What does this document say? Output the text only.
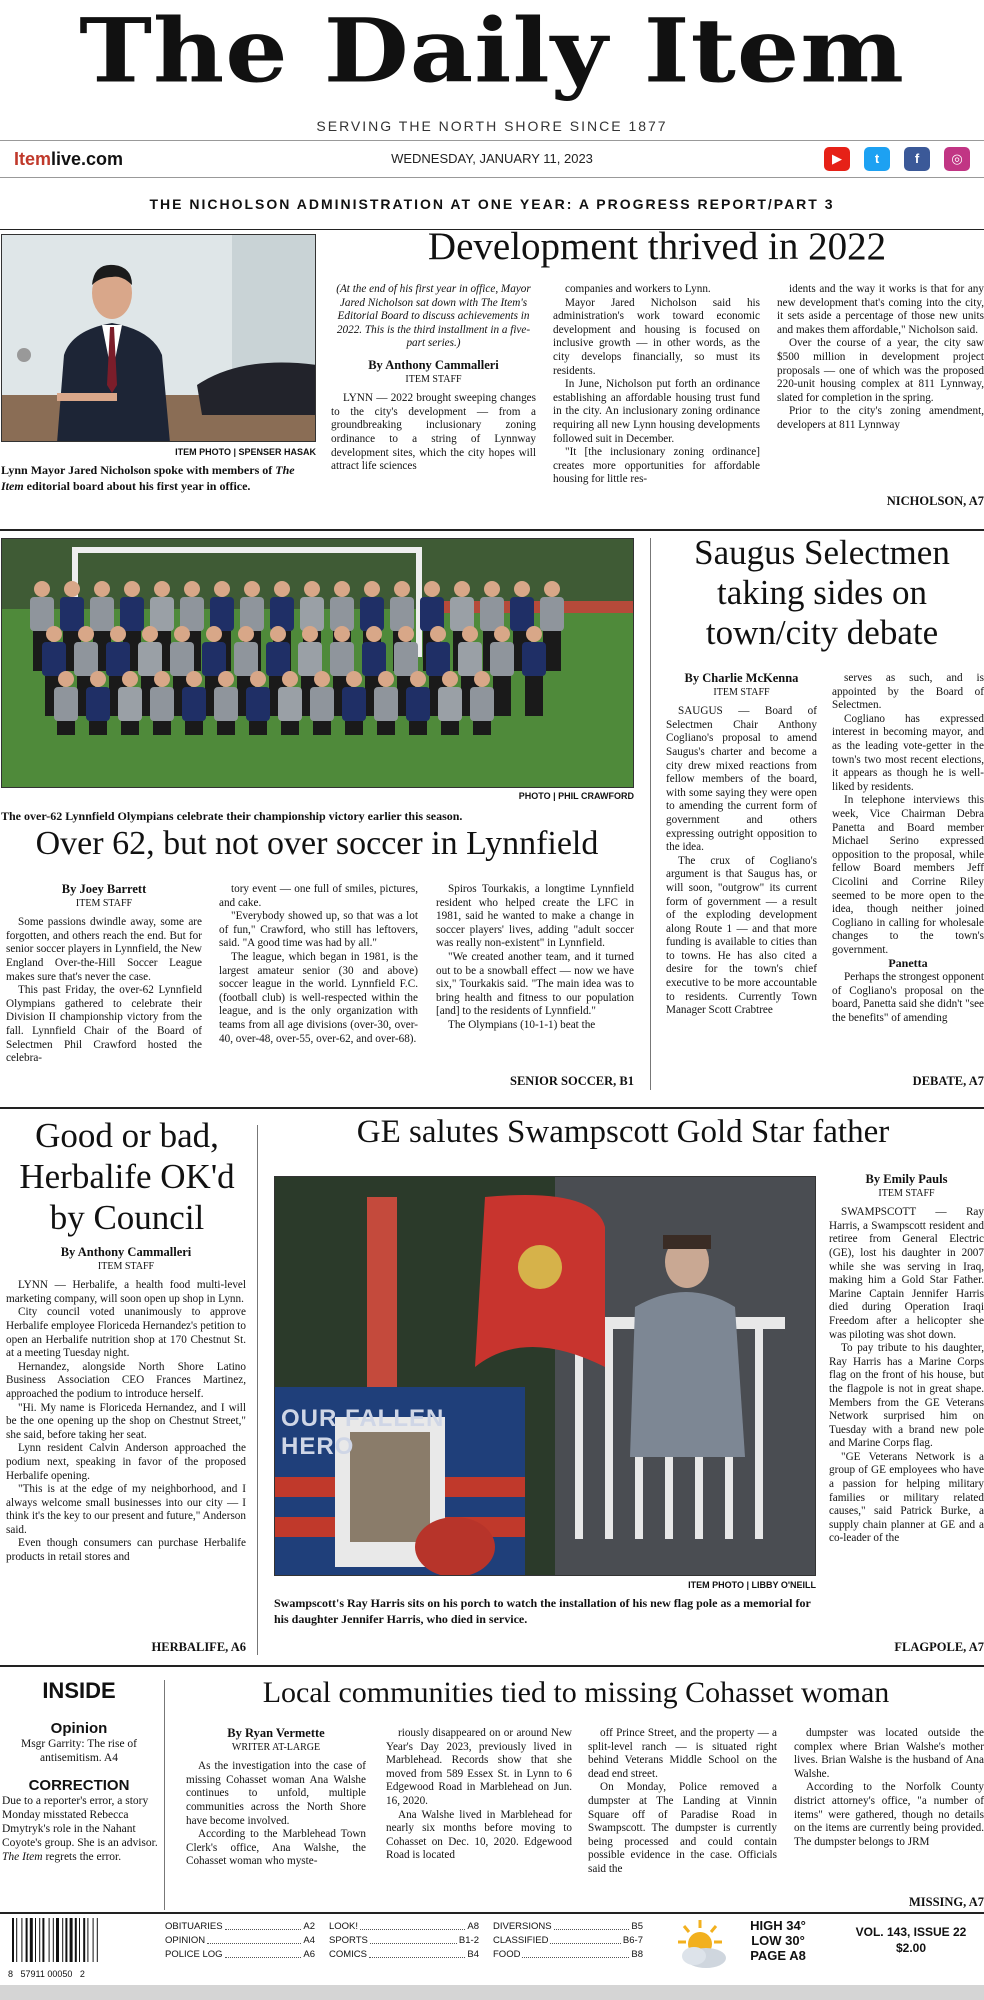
The Daily Item
SERVING THE NORTH SHORE SINCE 1877
Itemlive.com	WEDNESDAY, JANUARY 11, 2023	▶	t	f	◎
THE NICHOLSON ADMINISTRATION AT ONE YEAR: A PROGRESS REPORT/PART 3
ITEM PHOTO | SPENSER HASAK
Lynn Mayor Jared Nicholson spoke with members of The Item editorial board about his first year in office.
Development thrived in 2022

(At the end of his first year in office, Mayor Jared Nicholson sat down with The Item's Editorial Board to discuss achievements in 2022. This is the third installment in a five-part series.)

By Anthony Cammalleri

ITEM STAFF

LYNN — 2022 brought sweeping changes to the city's development — from a groundbreaking inclusionary zoning ordinance to a string of Lynnway development sites, which the city hopes will attract life sciences

companies and workers to Lynn.

Mayor Jared Nicholson said his administration's work toward economic development and housing is focused on inclusive growth — in other words, as the city develops financially, so must its residents.

In June, Nicholson put forth an ordinance establishing an affordable housing trust fund in the city. An inclusionary zoning ordinance requiring all new Lynn housing developments followed suit in December.

"It [the inclusionary zoning ordinance] creates more opportunities for affordable housing for little res-

idents and the way it works is that for any new development that's coming into the city, it sets aside a percentage of those new units and makes them affordable," Nicholson said.

Over the course of a year, the city saw $500 million in development project proposals — one of which was the proposed 220-unit housing complex at 811 Lynnway, slated for completion in the spring.

Prior to the city's zoning amendment, developers at 811 Lynnway

NICHOLSON, A7
PHOTO | PHIL CRAWFORD
The over-62 Lynnfield Olympians celebrate their championship victory earlier this season.
Over 62, but not over soccer in Lynnfield

By Joey Barrett

ITEM STAFF

Some passions dwindle away, some are forgotten, and others reach the end. But for senior soccer players in Lynnfield, the New England Over-the-Hill Soccer League makes sure that's never the case.

This past Friday, the over-62 Lynnfield Olympians gathered to celebrate their Division II championship victory from the fall. Lynnfield Chair of the Board of Selectmen Phil Crawford hosted the celebra-

tory event — one full of smiles, pictures, and cake.

"Everybody showed up, so that was a lot of fun," Crawford, who still has leftovers, said. "A good time was had by all."

The league, which began in 1981, is the largest amateur senior (30 and above) soccer league in the world. Lynnfield F.C. (football club) is well-respected within the league, and is the only organization with teams from all age divisions (over-30, over-40, over-48, over-55, over-62, and over-68).

Spiros Tourkakis, a longtime Lynnfield resident who helped create the LFC in 1981, said he wanted to make a change in soccer players' lives, adding "adult soccer was really non-existent" in Lynnfield.

"We created another team, and it turned out to be a snowball effect — now we have six," Tourkakis said. "The main idea was to bring health and fitness to our population [and] to the residents of Lynnfield."

The Olympians (10-1-1) beat the

SENIOR SOCCER, B1
Saugus Selectmen taking sides on town/city debate

By Charlie McKenna

ITEM STAFF

SAUGUS — Board of Selectmen Chair Anthony Cogliano's proposal to amend Saugus's charter and become a city drew mixed reactions from fellow members of the board, with some saying they were open to amending the current form of government and others expressing outright opposition to the idea.

The crux of Cogliano's argument is that Saugus has, or will soon, "outgrow" its current form of government — a result of the exploding development along Route 1 — and that more funding is available to cities than to towns. He has also cited a desire for the town's chief executive to be more accountable to residents. Currently Town Manager Scott Crabtree

serves as such, and is appointed by the Board of Selectmen.

Cogliano has expressed interest in becoming mayor, and as the leading vote-getter in the town's two most recent elections, it appears as though he is well-liked by residents.

In telephone interviews this week, Vice Chairman Debra Panetta and Board member Michael Serino expressed opposition to the proposal, while fellow Board members Jeff Cicolini and Corrine Riley seemed to be more open to the idea, though neither joined Cogliano in calling for wholesale changes to the town's government.

Panetta

Perhaps the strongest opponent of Cogliano's proposal on the board, Panetta said she didn't "see the benefits" of amending

DEBATE, A7
Good or bad, Herbalife OK'd by Council

By Anthony Cammalleri

ITEM STAFF

LYNN — Herbalife, a health food multi-level marketing company, will soon open up shop in Lynn.

City council voted unanimously to approve Herbalife employee Floriceda Hernandez's petition to open an Herbalife nutrition shop at 170 Chestnut St. at a meeting Tuesday night.

Hernandez, alongside North Shore Latino Business Association CEO Frances Martinez, approached the podium to introduce herself.

"Hi. My name is Floriceda Hernandez, and I will be the one opening up the shop on Chestnut Street," she said, before taking her seat.

Lynn resident Calvin Anderson approached the podium next, speaking in favor of the proposed Herbalife opening.

"This is at the edge of my neighborhood, and I always welcome small businesses into our city — I think it's the key to our present and future," Anderson said.

Even though consumers can purchase Herbalife products in retail stores and

HERBALIFE, A6
GE salutes Swampscott Gold Star father
OUR FALLEN HERO
ITEM PHOTO | LIBBY O'NEILL
Swampscott's Ray Harris sits on his porch to watch the installation of his new flag pole as a memorial for his daughter Jennifer Harris, who died in service.

By Emily Pauls

ITEM STAFF

SWAMPSCOTT — Ray Harris, a Swampscott resident and retiree from General Electric (GE), lost his daughter in 2007 while she was serving in Iraq, making him a Gold Star Father. Marine Captain Jennifer Harris died during Operation Iraqi Freedom after a helicopter she was piloting was shot down.

To pay tribute to his daughter, Ray Harris has a Marine Corps flag on the front of his house, but the flagpole is not in great shape. Members from the GE Veterans Network surprised him on Tuesday with a brand new pole and Marine Corps flag.

"GE Veterans Network is a group of GE employees who have a passion for helping military families or military related causes," said Patrick Burke, a supply chain planner at GE and a co-leader of the

FLAGPOLE, A7
INSIDE
Opinion
Msgr Garrity: The rise of antisemitism. A4
CORRECTION
Due to a reporter's error, a story Monday misstated Rebecca Dmytryk's role in the Nahant Coyote's group. She is an advisor. The Item regrets the error.
Local communities tied to missing Cohasset woman

By Ryan Vermette

WRITER AT-LARGE

As the investigation into the case of missing Cohasset woman Ana Walshe continues to unfold, multiple communities across the North Shore have become involved.

According to the Marblehead Town Clerk's office, Ana Walshe, the Cohasset woman who myste-

riously disappeared on or around New Year's Day 2023, previously lived in Marblehead. Records show that she moved from 589 Essex St. in Lynn to 6 Edgewood Road in Marblehead on Jun. 16, 2020.

Ana Walshe lived in Marblehead for nearly six months before moving to Cohasset on Dec. 10, 2020. Edgewood Road is located

off Prince Street, and the property — a split-level ranch — is situated right behind Veterans Middle School on the dead end street.

On Monday, Police removed a dumpster at The Landing at Vinnin Square off of Paradise Road in Swampscott. The dumpster is currently being processed and could contain possible evidence in the case. Officials said the

dumpster was located outside the complex where Brian Walshe's mother lives. Brian Walshe is the husband of Ana Walshe.

According to the Norfolk County district attorney's office, "a number of items" were gathered, though no details on the items are currently being provided. The dumpster belongs to JRM

MISSING, A7
8   57911 00050   2
OBITUARIES	A2
OPINION	A4
POLICE LOG	A6
LOOK!	A8
SPORTS	B1-2
COMICS	B4
DIVERSIONS	B5
CLASSIFIED	B6-7
FOOD	B8
HIGH 34°
LOW 30°
PAGE A8
VOL. 143, ISSUE 22
$2.00
